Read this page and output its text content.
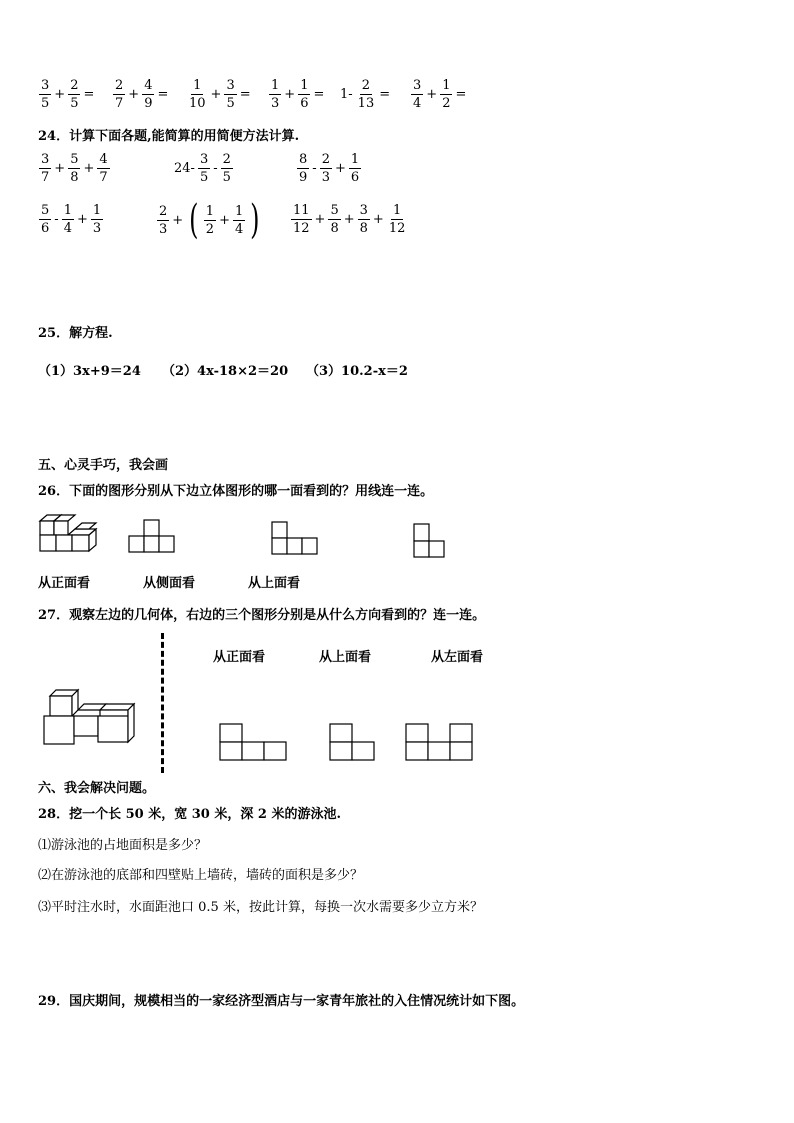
$\frac{3}{5} + \frac{2}{5} = \frac{2}{7} + \frac{4}{9} = \frac{1}{10} + \frac{3}{5} = \frac{1}{3} + \frac{1}{6} = 1- \frac{2}{13} = \frac{3}{4} + \frac{1}{2}$ =
24．计算下面各题,能简算的用简便方法计算.
$\frac{3}{7} + \frac{5}{8} + \frac{4}{7}$	$24- \frac{3}{5} - \frac{2}{5}$	$\frac{8}{9} - \frac{2}{3} + \frac{1}{6}$
$\frac{5}{6} - \frac{1}{4} + \frac{1}{3}$	$\frac{2}{3}$ + ( $\frac{1}{2} + \frac{1}{4}$ ) $\frac{11}{12} + \frac{5}{8} + \frac{3}{8} + \frac{1}{12}$
25．解方程.
（1）3x+9＝24 （2）4x-18×2＝20 （3）10.2-x＝2
五、心灵手巧，我会画
26．下面的图形分别从下边立体图形的哪一面看到的？用线连一连。
从正面看	从侧面看	从上面看
27．观察左边的几何体，右边的三个图形分别是从什么方向看到的？连一连。
从正面看	从上面看	从左面看
六、我会解决问题。
28．挖一个长 50 米，宽 30 米，深 2 米的游泳池.
⑴游泳池的占地面积是多少？
⑵在游泳池的底部和四壁贴上墙砖，墙砖的面积是多少？
⑶平时注水时，水面距池口 0.5 米，按此计算，每换一次水需要多少立方米？
29．国庆期间，规模相当的一家经济型酒店与一家青年旅社的入住情况统计如下图。
